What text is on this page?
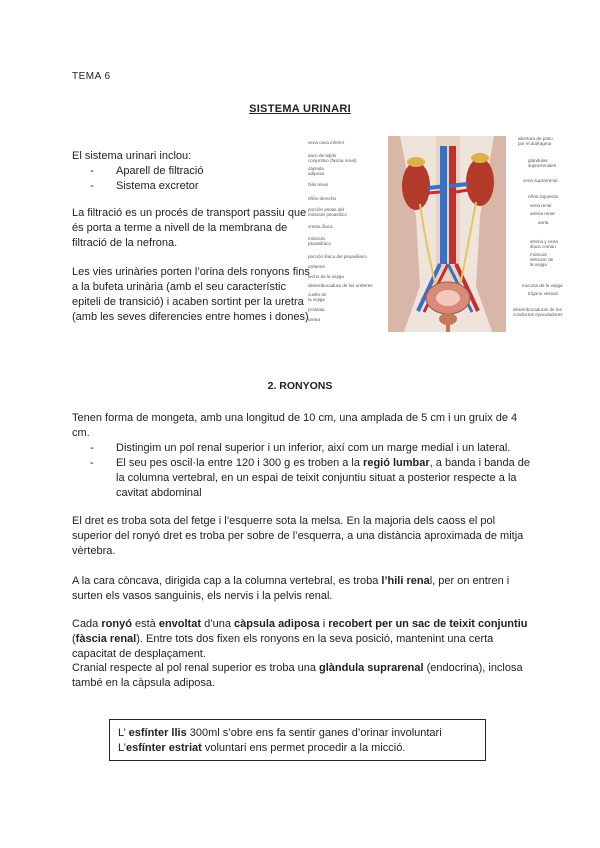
TEMA 6
SISTEMA URINARI
El sistema urinari inclou:
- Aparell de filtració
- Sistema excretor

La filtració es un procés de transport passiu que és porta a terme a nivell de la membrana de filtració de la nefrona.

Les vies urinàries porten l’orina dels ronyons fins a la bufeta urinària (amb el seu característic epiteli de transició) i acaben sortint per la uretra (amb les seves diferencies entre homes i dones)

vena cava inferior
saco de tejido
conjuntivo (fascia renal)
cápsula
adiposa
hilio renal
riñón derecho
porción psoas del
músculo psoasílico
cresta ilíaca
músculo
psoasilíaco
porción ilíaca del psoasilíaco
uréteres
techo de la vejiga
desembocadura de los uréteres
cuello de
la vejiga
próstata
uretra
abertura de paso
por el diafragma
glándulas
suprarrenales
vena suprarrenal
riñón izquierdo
vena renal
arteria renal
aorta
arteria y vena
ilíaca común
músculo
detrusor de
la vejiga
mucosa de la vejiga
trígono vesical
desembocaduras de los
conductos eyaculadores
2. RONYONS

Tenen forma de mongeta, amb una longitud de 10 cm, una amplada de 5 cm i un gruix de 4 cm.

- Distingim un pol renal superior i un inferior, així com un marge medial i un lateral.
- El seu pes oscil·la entre 120 i 300 g es troben a la regió lumbar, a banda i banda de la columna vertebral, en un espai de teixit conjuntiu situat a posterior respecte a la cavitat abdominal

El dret es troba sota del fetge i l’esquerre sota la melsa. En la majoria dels caoss el pol superior del ronyó dret es troba per sobre de l’esquerra, a una distància aproximada de mitja vèrtebra.

A la cara còncava, dirigida cap a la columna vertebral, es troba l’hili renal, per on entren i surten els vasos sanguinis, els nervis i la pelvis renal.

Cada ronyó està envoltat d’una càpsula adiposa i recobert per un sac de teixit conjuntiu (fàscia renal). Entre tots dos fixen els ronyons en la seva posició, mantenint una certa capacitat de desplaçament.

Cranial respecte al pol renal superior es troba una glàndula suprarenal (endocrina), inclosa també en la càpsula adiposa.

L’ esfínter llis 300ml s’obre ens fa sentir ganes d’orinar involuntari
L’esfínter estriat voluntari ens permet procedir a la micció.
